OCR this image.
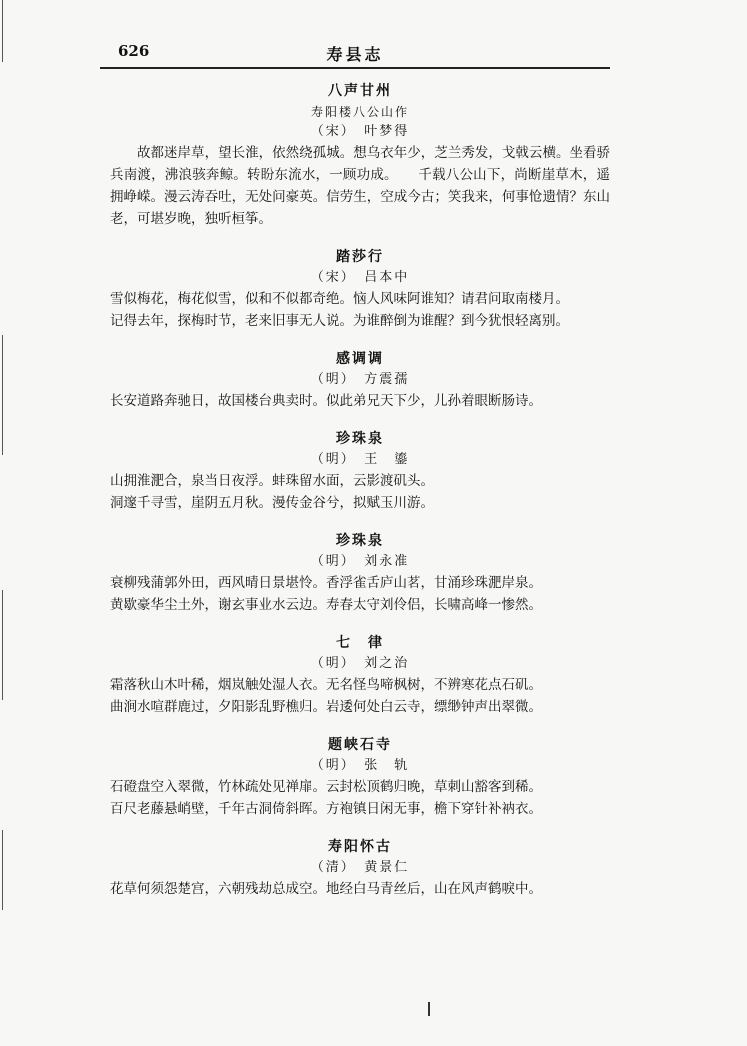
626	寿县志
八声甘州
寿阳楼八公山作
（宋）　叶梦得
故都迷岸草，望长淮，依然绕孤城。想乌衣年少，芝兰秀发，戈戟云横。坐看骄兵南渡，沸浪骇奔鲸。转盼东流水，一顾功成。　　千载八公山下，尚断崖草木，遥拥峥嵘。漫云涛吞吐，无处问豪英。信劳生，空成今古；笑我来，何事怆遗情？东山老，可堪岁晚，独听桓筝。
踏莎行
（宋）　吕本中
雪似梅花，梅花似雪，似和不似都奇绝。恼人风味阿谁知？请君问取南楼月。
记得去年，探梅时节，老来旧事无人说。为谁醉倒为谁醒？到今犹恨轻离别。
感调调
（明）　方震孺
长安道路奔驰日，故国楼台典卖时。似此弟兄天下少，儿孙着眼断肠诗。
珍珠泉
（明）　王　鎏
山拥淮淝合，泉当日夜浮。蚌珠留水面，云影渡矶头。
洞邃千寻雪，崖阴五月秋。漫传金谷兮，拟赋玉川游。
珍珠泉
（明）　刘永准
衰柳残蒲郭外田，西风晴日景堪怜。香浮雀舌庐山茗，甘涌珍珠淝岸泉。
黄歇豪华尘土外，谢玄事业水云边。寿春太守刘伶侣，长啸高峰一惨然。
七　律
（明）　刘之治
霜落秋山木叶稀，烟岚触处湿人衣。无名怪鸟啼枫树，不辨寒花点石矶。
曲涧水喧群鹿过，夕阳影乱野樵归。岩逶何处白云寺，缥缈钟声出翠微。
题峡石寺
（明）　张　轨
石磴盘空入翠微，竹林疏处见禅扉。云封松顶鹤归晚，草刺山豁客到稀。
百尺老藤悬峭壁，千年古洞倚斜晖。方袍镇日闲无事，檐下穿针补衲衣。
寿阳怀古
（清）　黄景仁
花草何须怨楚宫，六朝残劫总成空。地经白马青丝后，山在风声鹤唳中。
